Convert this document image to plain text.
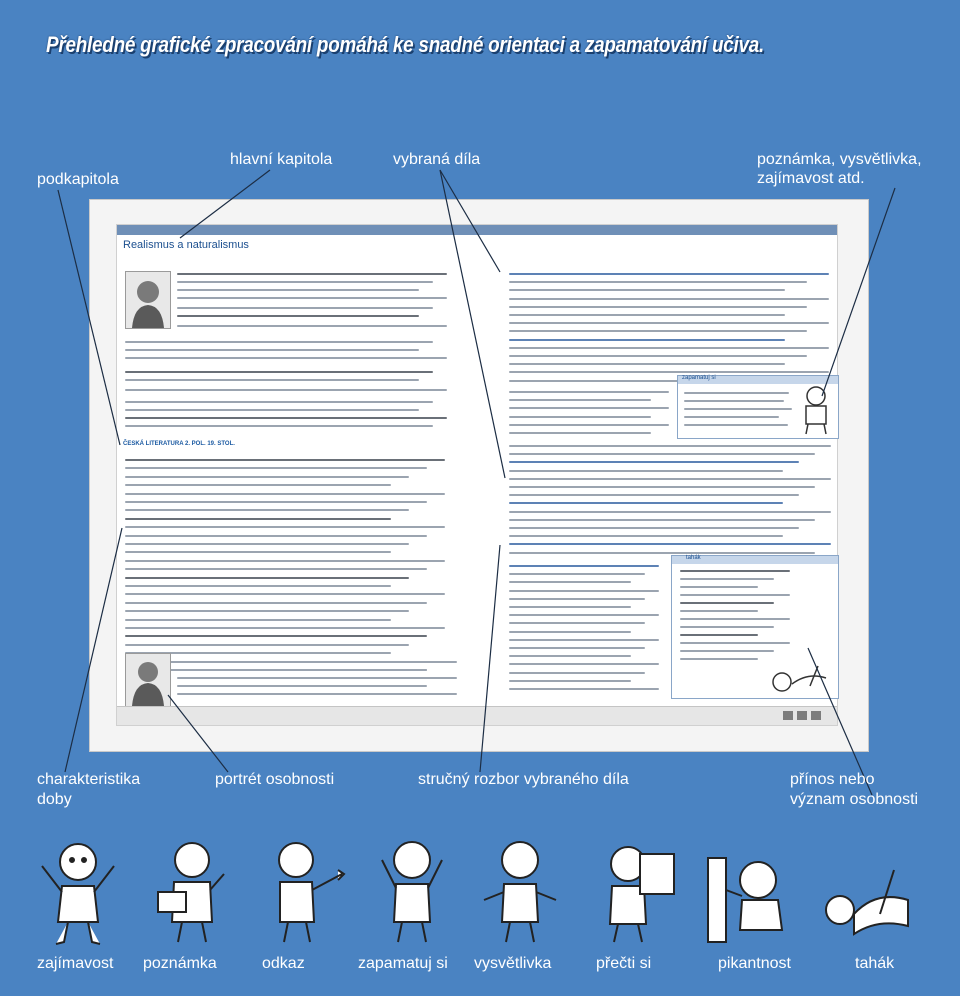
Přehledné grafické zpracování pomáhá ke snadné orientaci a zapamatování učiva.
podkapitola
hlavní kapitola	vybraná díla	poznámka, vysvětlivka,
zajímavost atd.
Realismus a naturalismus
ČESKÁ LITERATURA 2. POL. 19. STOL.
zapamatuj si
tahák
charakteristika
doby
portrét osobnosti	stručný rozbor vybraného díla	přínos nebo
význam osobnosti
zajímavost poznámka	odkaz	zapamatuj si vysvětlivka	přečti si	pikantnost	tahák
